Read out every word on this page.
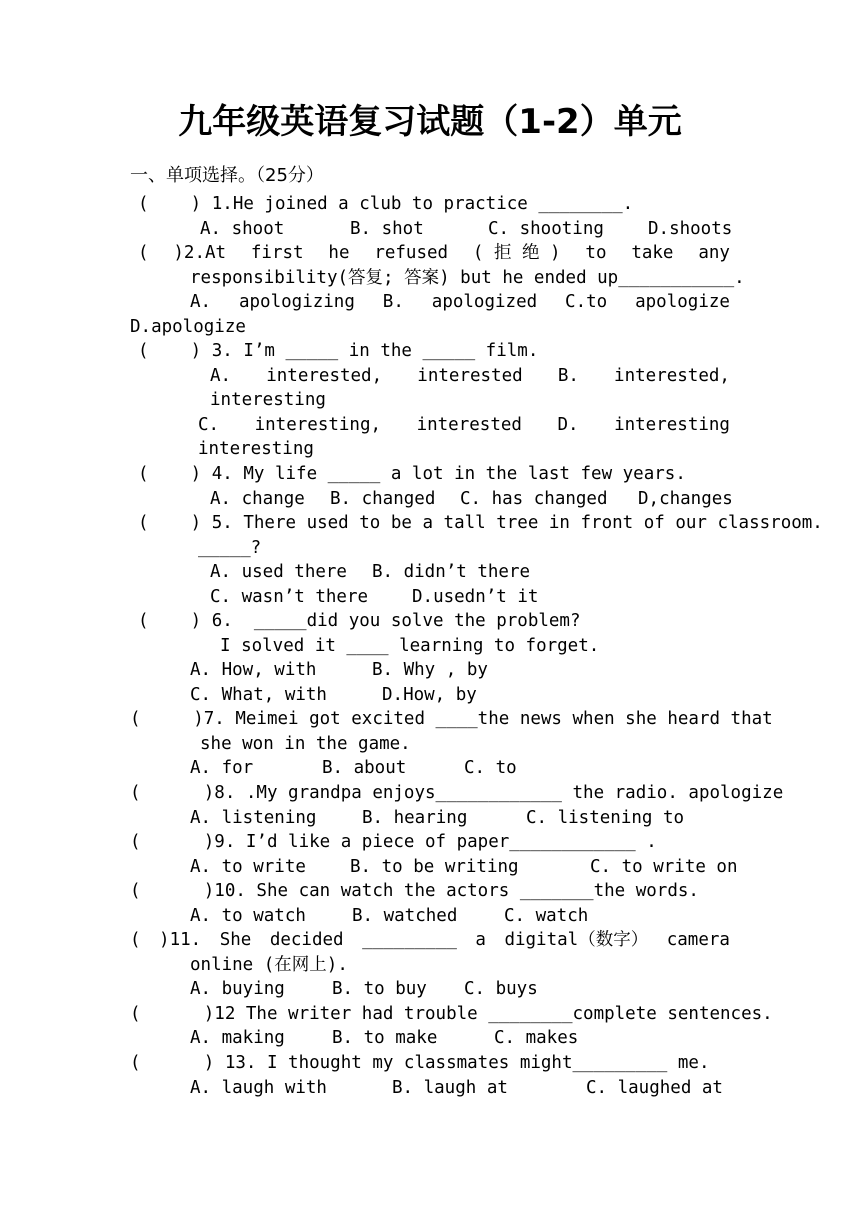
九年级英语复习试题（1-2）单元
一、单项选择。（25分）
(    ) 1.He joined a club to practice ________.
A. shoot	B. shot	C. shooting	D.shoots
( )2.At first he refused ( 拒 绝 ) to take any
responsibility(答复; 答案) but he ended up___________.
A. apologizing B. apologized C.to apologize
D.apologize
(    ) 3. I’m _____ in the _____ film.
A. interested, interested B. interested,
interesting
C. interesting, interested D. interesting
interesting
(    ) 4. My life _____ a lot in the last few years.
A. change B. changed C. has changed D,changes
(    ) 5. There used to be a tall tree in front of our classroom.
_____?
A. used there B. didn’t there
C. wasn’t there	D.usedn’t it
(    ) 6.  _____did you solve the problem?
I solved it ____ learning to forget.
A. How, with	B. Why , by
C. What, with	D.How, by
(     )7. Meimei got excited ____the news when she heard that
she won in the game.
A. for	B. about	C. to
(      )8. .My grandpa enjoys____________ the radio. apologize
A. listening	B. hearing	C. listening to
(      )9. I’d like a piece of paper____________ .
A. to write	B. to be writing	C. to write on
(      )10. She can watch the actors _______the words.
A. to watch	B. watched	C. watch
( )11. She decided _________ a digital（数字） camera
online (在网上).
A. buying	B. to buy C. buys
(      )12 The writer had trouble ________complete sentences.
A. making	B. to make	C. makes
(      ) 13. I thought my classmates might_________ me.
A. laugh with	B. laugh at	C. laughed at
